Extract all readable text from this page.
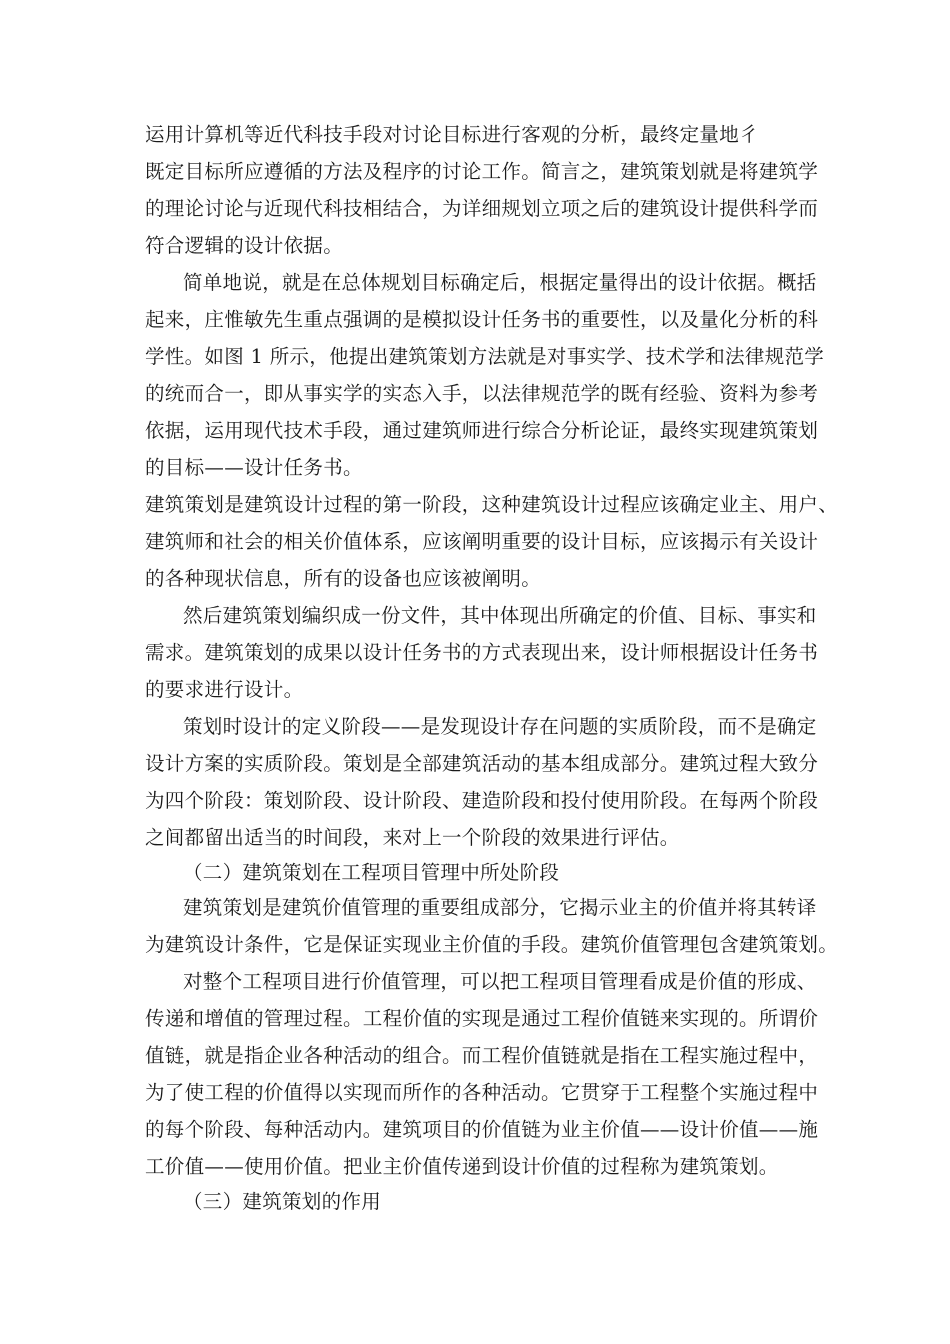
运用计算机等近代科技手段对讨论目标进行客观的分析，最终定量地彳
既定目标所应遵循的方法及程序的讨论工作。简言之，建筑策划就是将建筑学
的理论讨论与近现代科技相结合，为详细规划立项之后的建筑设计提供科学而
符合逻辑的设计依据。
简单地说，就是在总体规划目标确定后，根据定量得出的设计依据。概括
起来，庄惟敏先生重点强调的是模拟设计任务书的重要性，以及量化分析的科
学性。如图 1 所示，他提出建筑策划方法就是对事实学、技术学和法律规范学
的统而合一，即从事实学的实态入手，以法律规范学的既有经验、资料为参考
依据，运用现代技术手段，通过建筑师进行综合分析论证，最终实现建筑策划
的目标——设计任务书。
建筑策划是建筑设计过程的第一阶段，这种建筑设计过程应该确定业主、用户、
建筑师和社会的相关价值体系，应该阐明重要的设计目标，应该揭示有关设计
的各种现状信息，所有的设备也应该被阐明。
然后建筑策划编织成一份文件，其中体现出所确定的价值、目标、事实和
需求。建筑策划的成果以设计任务书的方式表现出来，设计师根据设计任务书
的要求进行设计。
策划时设计的定义阶段——是发现设计存在问题的实质阶段，而不是确定
设计方案的实质阶段。策划是全部建筑活动的基本组成部分。建筑过程大致分
为四个阶段：策划阶段、设计阶段、建造阶段和投付使用阶段。在每两个阶段
之间都留出适当的时间段，来对上一个阶段的效果进行评估。
（二）建筑策划在工程项目管理中所处阶段
建筑策划是建筑价值管理的重要组成部分，它揭示业主的价值并将其转译
为建筑设计条件，它是保证实现业主价值的手段。建筑价值管理包含建筑策划。
对整个工程项目进行价值管理，可以把工程项目管理看成是价值的形成、
传递和增值的管理过程。工程价值的实现是通过工程价值链来实现的。所谓价
值链，就是指企业各种活动的组合。而工程价值链就是指在工程实施过程中，
为了使工程的价值得以实现而所作的各种活动。它贯穿于工程整个实施过程中
的每个阶段、每种活动内。建筑项目的价值链为业主价值——设计价值——施
工价值——使用价值。把业主价值传递到设计价值的过程称为建筑策划。
（三）建筑策划的作用
